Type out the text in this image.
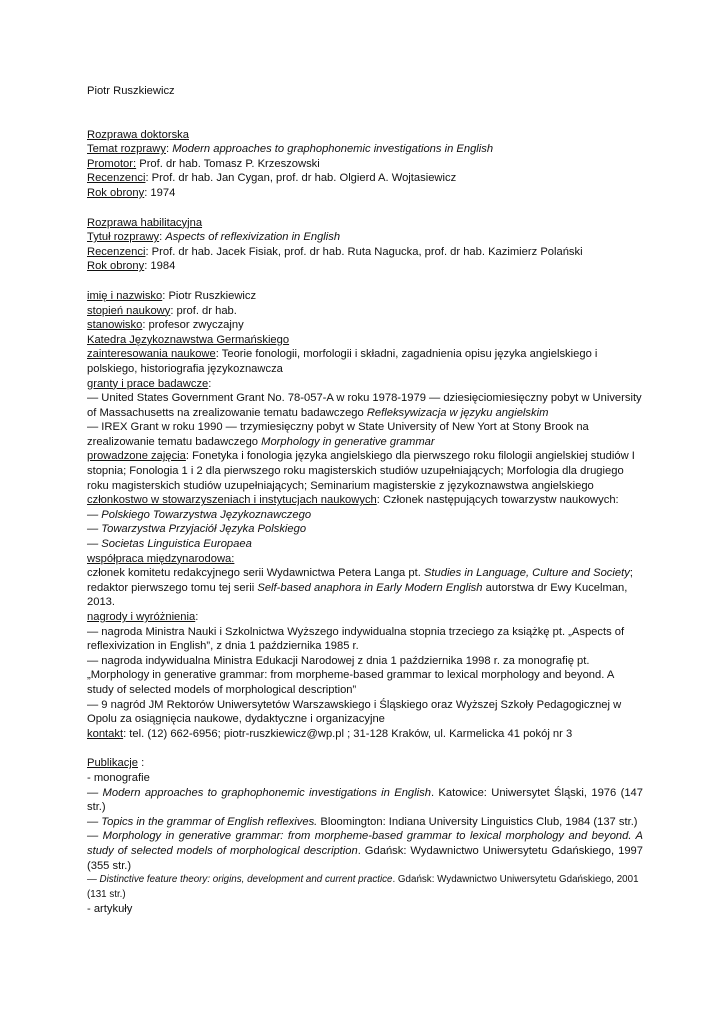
Piotr Ruszkiewicz
Rozprawa doktorska
Temat rozprawy: Modern approaches to graphophonemic investigations in English
Promotor: Prof. dr hab. Tomasz P. Krzeszowski
Recenzenci: Prof. dr hab. Jan Cygan, prof. dr hab. Olgierd A. Wojtasiewicz
Rok obrony: 1974
Rozprawa habilitacyjna
Tytuł rozprawy: Aspects of reflexivization in English
Recenzenci: Prof. dr hab. Jacek Fisiak, prof. dr hab. Ruta Nagucka, prof. dr hab. Kazimierz Polański
Rok obrony: 1984
imię i nazwisko: Piotr Ruszkiewicz
stopień naukowy: prof. dr hab.
stanowisko: profesor zwyczajny
Katedra Językoznawstwa Germańskiego
zainteresowania naukowe: Teorie fonologii, morfologii i składni, zagadnienia opisu języka angielskiego i polskiego, historiografia językoznawcza
granty i prace badawcze:
— United States Government Grant No. 78-057-A w roku 1978-1979 — dziesięciomiesięczny pobyt w University of Massachusetts na zrealizowanie tematu badawczego Refleksywizacja w języku angielskim
— IREX Grant w roku 1990 — trzymiesięczny pobyt w State University of New Yort at Stony Brook na zrealizowanie tematu badawczego Morphology in generative grammar
prowadzone zajęcia: Fonetyka i fonologia języka angielskiego dla pierwszego roku filologii angielskiej studiów I stopnia; Fonologia 1 i 2 dla pierwszego roku magisterskich studiów uzupełniających; Morfologia dla drugiego roku magisterskich studiów uzupełniających; Seminarium magisterskie z językoznawstwa angielskiego
członkostwo w stowarzyszeniach i instytucjach naukowych: Członek następujących towarzystw naukowych:
— Polskiego Towarzystwa Językoznawczego
— Towarzystwa Przyjaciół Języka Polskiego
— Societas Linguistica Europaea
współpraca międzynarodowa:
członek komitetu redakcyjnego serii Wydawnictwa Petera Langa pt. Studies in Language, Culture and Society; redaktor pierwszego tomu tej serii Self-based anaphora in Early Modern English autorstwa dr Ewy Kucelman, 2013.
nagrody i wyróżnienia:
— nagroda Ministra Nauki i Szkolnictwa Wyższego indywidualna stopnia trzeciego za książkę pt. „Aspects of reflexivization in English”, z dnia 1 października 1985 r.
— nagroda indywidualna Ministra Edukacji Narodowej z dnia 1 października 1998 r. za monografię pt. „Morphology in generative grammar: from morpheme-based grammar to lexical morphology and beyond. A study of selected models of morphological description”
— 9 nagród JM Rektorów Uniwersytetów Warszawskiego i Śląskiego oraz Wyższej Szkoły Pedagogicznej w Opolu za osiągnięcia naukowe, dydaktyczne i organizacyjne
kontakt: tel. (12) 662-6956; piotr-ruszkiewicz@wp.pl ; 31-128 Kraków, ul. Karmelicka 41 pokój nr 3
Publikacje :
- monografie
— Modern approaches to graphophonemic investigations in English. Katowice: Uniwersytet Śląski, 1976 (147 str.)
— Topics in the grammar of English reflexives. Bloomington: Indiana University Linguistics Club, 1984 (137 str.)
— Morphology in generative grammar: from morpheme-based grammar to lexical morphology and beyond. A study of selected models of morphological description. Gdańsk: Wydawnictwo Uniwersytetu Gdańskiego, 1997 (355 str.)
— Distinctive feature theory: origins, development and current practice. Gdańsk: Wydawnictwo Uniwersytetu Gdańskiego, 2001 (131 str.)
- artykuły
